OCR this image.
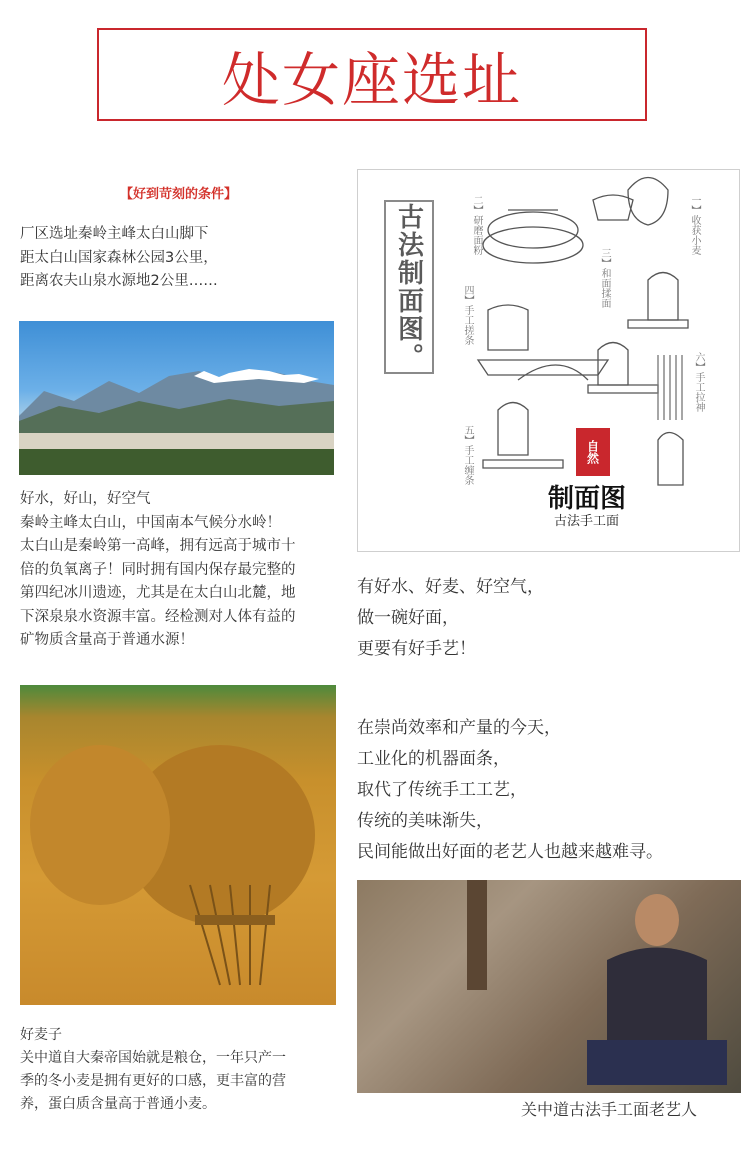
处女座选址
【好到苛刻的条件】
厂区选址秦岭主峰太白山脚下
距太白山国家森林公园3公里，
距离农夫山泉水源地2公里……
好水，好山，好空气
秦岭主峰太白山，中国南本气候分水岭！
太白山是秦岭第一高峰，拥有远高于城市十
倍的负氧离子！同时拥有国内保存最完整的
第四纪冰川遗迹，尤其是在太白山北麓，地
下深泉泉水资源丰富。经检测对人体有益的
矿物质含量高于普通水源！
好麦子
关中道自大秦帝国始就是粮仓，一年只产一
季的冬小麦是拥有更好的口感，更丰富的营
养，蛋白质含量高于普通小麦。
古法制面图。	二】研磨面粉	一】收获小麦
三】和面揉面
四】手工搓条
六】手工拉神
五】手工缠条	自然
制面图
古法手工面
有好水、好麦、好空气，
做一碗好面，
更要有好手艺！
在崇尚效率和产量的今天，
工业化的机器面条，
取代了传统手工工艺，
传统的美味渐失，
民间能做出好面的老艺人也越来越难寻。
关中道古法手工面老艺人
